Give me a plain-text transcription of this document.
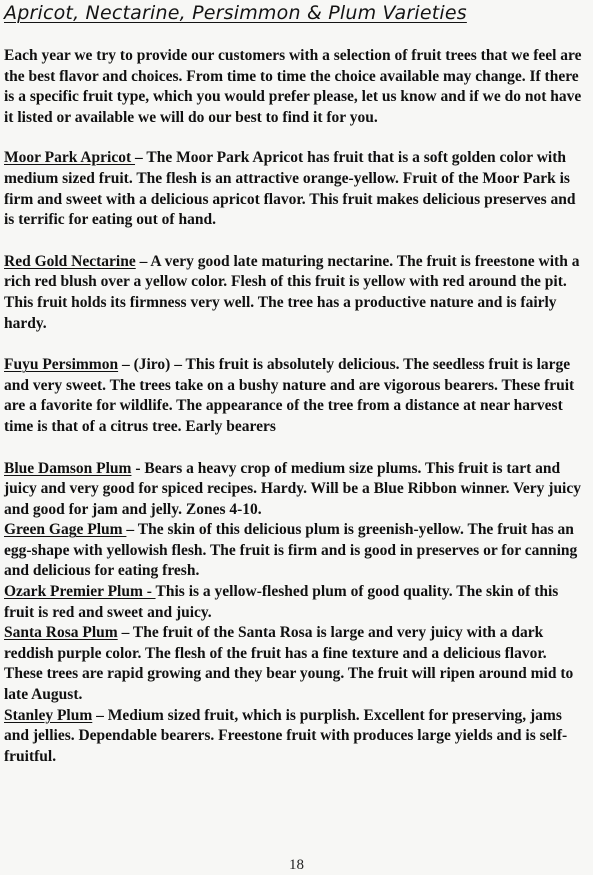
Apricot, Nectarine, Persimmon & Plum Varieties

Each year we try to provide our customers with a selection of fruit trees that we feel are the best flavor and choices. From time to time the choice available may change. If there is a specific fruit type, which you would prefer please, let us know and if we do not have it listed or available we will do our best to find it for you.

Moor Park Apricot – The Moor Park Apricot has fruit that is a soft golden color with medium sized fruit. The flesh is an attractive orange-yellow. Fruit of the Moor Park is firm and sweet with a delicious apricot flavor. This fruit makes delicious preserves and is terrific for eating out of hand.

Red Gold Nectarine – A very good late maturing nectarine. The fruit is freestone with a rich red blush over a yellow color. Flesh of this fruit is yellow with red around the pit. This fruit holds its firmness very well. The tree has a productive nature and is fairly hardy.

Fuyu Persimmon – (Jiro) – This fruit is absolutely delicious. The seedless fruit is large and very sweet. The trees take on a bushy nature and are vigorous bearers. These fruit are a favorite for wildlife. The appearance of the tree from a distance at near harvest time is that of a citrus tree. Early bearers

Blue Damson Plum - Bears a heavy crop of medium size plums. This fruit is tart and juicy and very good for spiced recipes. Hardy. Will be a Blue Ribbon winner. Very juicy and good for jam and jelly. Zones 4-10.

Green Gage Plum – The skin of this delicious plum is greenish-yellow. The fruit has an egg-shape with yellowish flesh. The fruit is firm and is good in preserves or for canning and delicious for eating fresh.

Ozark Premier Plum - This is a yellow-fleshed plum of good quality. The skin of this fruit is red and sweet and juicy.

Santa Rosa Plum – The fruit of the Santa Rosa is large and very juicy with a dark reddish purple color. The flesh of the fruit has a fine texture and a delicious flavor. These trees are rapid growing and they bear young. The fruit will ripen around mid to late August.

Stanley Plum – Medium sized fruit, which is purplish. Excellent for preserving, jams and jellies. Dependable bearers. Freestone fruit with produces large yields and is self-fruitful.

18
